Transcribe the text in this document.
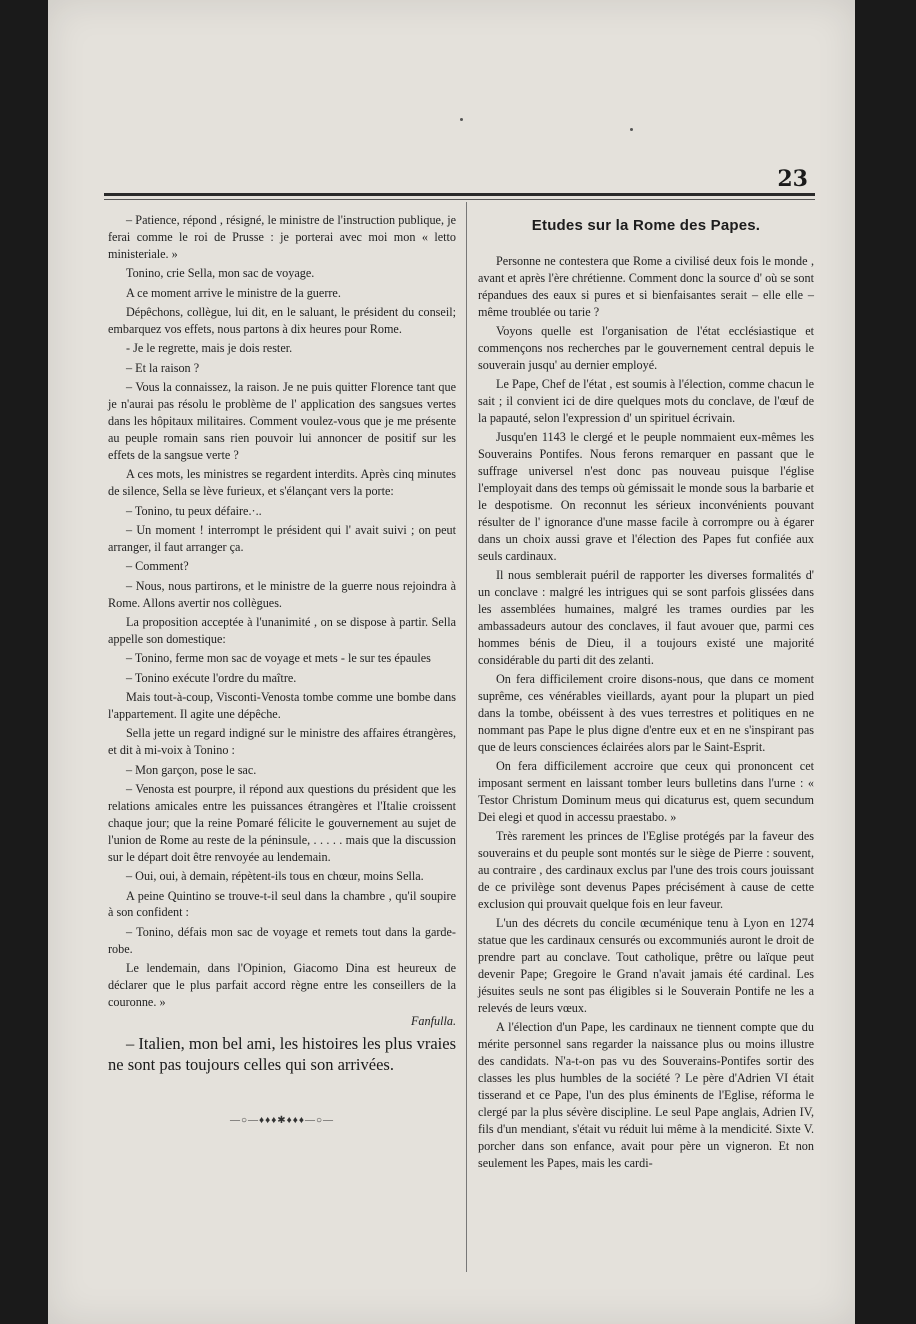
23

– Patience, répond , résigné, le ministre de l'instruction publique, je ferai comme le roi de Prusse : je porterai avec moi mon « letto ministeriale. »

Tonino, crie Sella, mon sac de voyage.

A ce moment arrive le ministre de la guerre.

Dépêchons, collègue, lui dit, en le saluant, le président du conseil; embarquez vos effets, nous partons à dix heures pour Rome.

- Je le regrette, mais je dois rester.

– Et la raison ?

– Vous la connaissez, la raison. Je ne puis quitter Florence tant que je n'aurai pas résolu le problème de l' application des sangsues vertes dans les hôpitaux militaires. Comment voulez-vous que je me présente au peuple romain sans rien pouvoir lui annoncer de positif sur les effets de la sangsue verte ?

A ces mots, les ministres se regardent interdits. Après cinq minutes de silence, Sella se lève furieux, et s'élançant vers la porte:

– Tonino, tu peux défaire.·..

– Un moment ! interrompt le président qui l' avait suivi ; on peut arranger, il faut arranger ça.

– Comment?

– Nous, nous partirons, et le ministre de la guerre nous rejoindra à Rome. Allons avertir nos collègues.

La proposition acceptée à l'unanimité , on se dispose à partir. Sella appelle son domestique:

– Tonino, ferme mon sac de voyage et mets - le sur tes épaules

– Tonino exécute l'ordre du maître.

Mais tout-à-coup, Visconti-Venosta tombe comme une bombe dans l'appartement. Il agite une dépêche.

Sella jette un regard indigné sur le ministre des affaires étrangères, et dit à mi-voix à Tonino :

– Mon garçon, pose le sac.

– Venosta est pourpre, il répond aux questions du président que les relations amicales entre les puissances étrangères et l'Italie croissent chaque jour; que la reine Pomaré félicite le gouvernement au sujet de l'union de Rome au reste de la péninsule, . . . . . mais que la discussion sur le départ doit être renvoyée au lendemain.

– Oui, oui, à demain, répètent-ils tous en chœur, moins Sella.

A peine Quintino se trouve-t-il seul dans la chambre , qu'il soupire à son confident :

– Tonino, défais mon sac de voyage et remets tout dans la garde-robe.

Le lendemain, dans l'Opinion, Giacomo Dina est heureux de déclarer que le plus parfait accord règne entre les conseillers de la couronne. »

Fanfulla.

– Italien, mon bel ami, les histoires les plus vraies ne sont pas toujours celles qui son arrivées.

—○—♦♦♦✱♦♦♦—○—
Etudes sur la Rome des Papes.

Personne ne contestera que Rome a civilisé deux fois le monde , avant et après l'ère chrétienne. Comment donc la source d' où se sont répandues des eaux si pures et si bienfaisantes serait – elle elle – même troublée ou tarie ?

Voyons quelle est l'organisation de l'état ecclésiastique et commençons nos recherches par le gouvernement central depuis le souverain jusqu' au dernier employé.

Le Pape, Chef de l'état , est soumis à l'élection, comme chacun le sait ; il convient ici de dire quelques mots du conclave, de l'œuf de la papauté, selon l'expression d' un spirituel écrivain.

Jusqu'en 1143 le clergé et le peuple nommaient eux-mêmes les Souverains Pontifes. Nous ferons remarquer en passant que le suffrage universel n'est donc pas nouveau puisque l'église l'employait dans des temps où gémissait le monde sous la barbarie et le despotisme. On reconnut les sérieux inconvénients pouvant résulter de l' ignorance d'une masse facile à corrompre ou à égarer dans un choix aussi grave et l'élection des Papes fut confiée aux seuls cardinaux.

Il nous semblerait puéril de rapporter les diverses formalités d' un conclave : malgré les intrigues qui se sont parfois glissées dans les assemblées humaines, malgré les trames ourdies par les ambassadeurs autour des conclaves, il faut avouer que, parmi ces hommes bénis de Dieu, il a toujours existé une majorité considérable du parti dit des zelanti.

On fera difficilement croire disons-nous, que dans ce moment suprême, ces vénérables vieillards, ayant pour la plupart un pied dans la tombe, obéissent à des vues terrestres et politiques en ne nommant pas Pape le plus digne d'entre eux et en ne s'inspirant pas que de leurs consciences éclairées alors par le Saint-Esprit.

On fera difficilement accroire que ceux qui prononcent cet imposant serment en laissant tomber leurs bulletins dans l'urne : « Testor Christum Dominum meus qui dicaturus est, quem secundum Dei elegi et quod in accessu praestabo. »

Très rarement les princes de l'Eglise protégés par la faveur des souverains et du peuple sont montés sur le siège de Pierre : souvent, au contraire , des cardinaux exclus par l'une des trois cours jouissant de ce privilège sont devenus Papes précisément à cause de cette exclusion qui prouvait quelque fois en leur faveur.

L'un des décrets du concile œcuménique tenu à Lyon en 1274 statue que les cardinaux censurés ou excommuniés auront le droit de prendre part au conclave. Tout catholique, prêtre ou laïque peut devenir Pape; Gregoire le Grand n'avait jamais été cardinal. Les jésuites seuls ne sont pas éligibles si le Souverain Pontife ne les a relevés de leurs vœux.

A l'élection d'un Pape, les cardinaux ne tiennent compte que du mérite personnel sans regarder la naissance plus ou moins illustre des candidats. N'a-t-on pas vu des Souverains-Pontifes sortir des classes les plus humbles de la société ? Le père d'Adrien VI était tisserand et ce Pape, l'un des plus éminents de l'Eglise, réforma le clergé par la plus sévère discipline. Le seul Pape anglais, Adrien IV, fils d'un mendiant, s'était vu réduit lui même à la mendicité. Sixte V. porcher dans son enfance, avait pour père un vigneron. Et non seulement les Papes, mais les cardi-
